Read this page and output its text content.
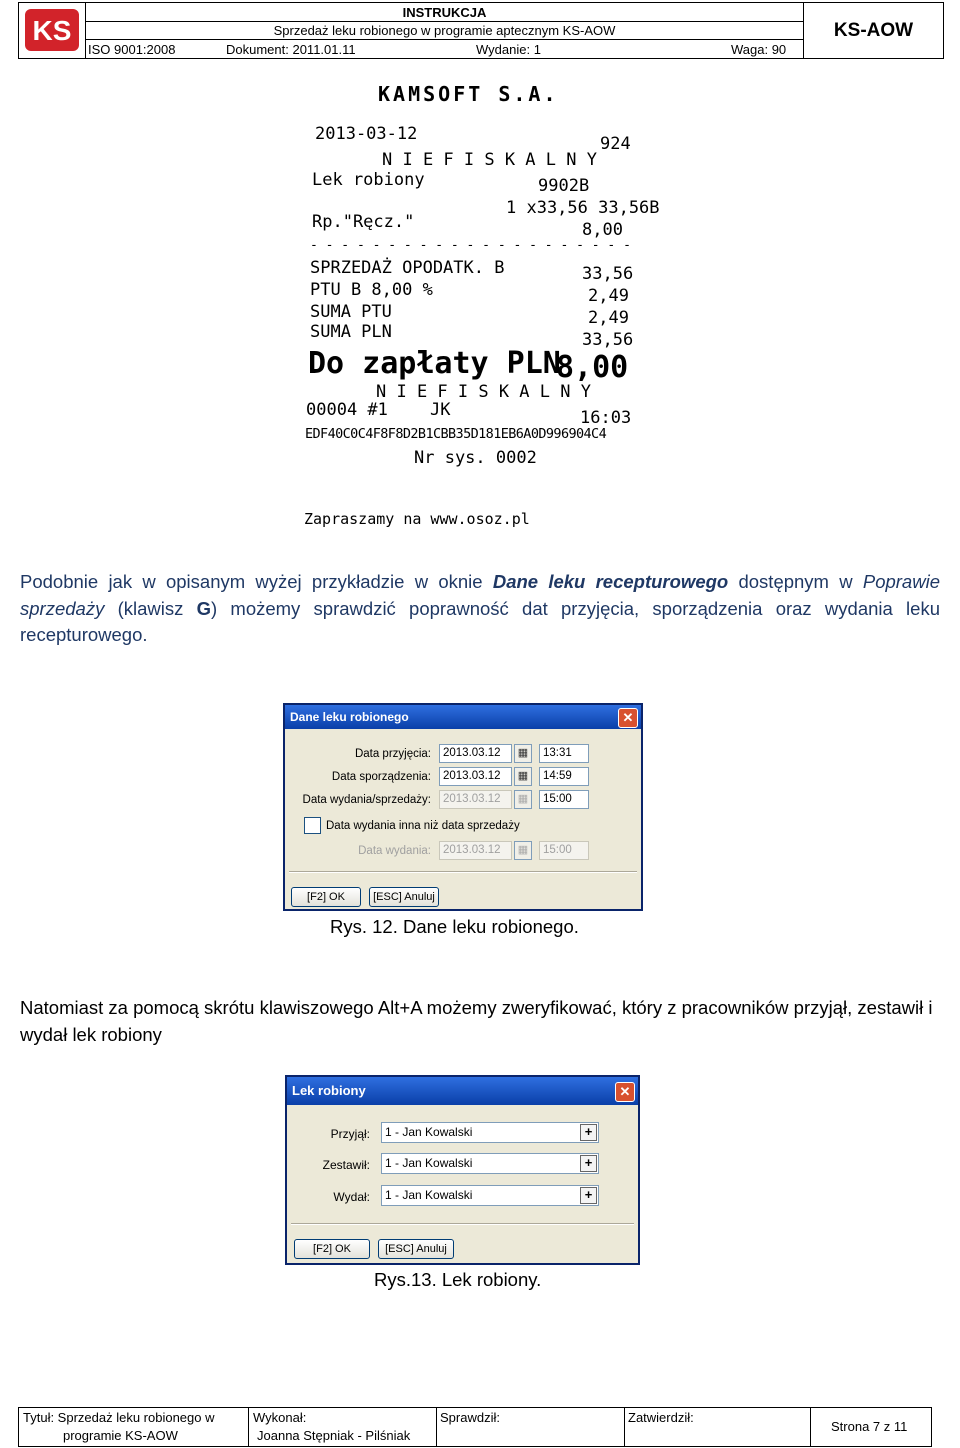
KS
INSTRUKCJA
Sprzedaż leku robionego w programie aptecznym KS-AOW
ISO 9001:2008	Dokument: 2011.01.11	Wydanie: 1	Waga: 90
KS-AOW
KAMSOFT S.A.
2013-03-12	924
N I E F I S K A L N Y
Lek robiony	9902B
1 x33,56 33,56B
Rp."Ręcz."	8,00
- - - - - - - - - - - - - - - - - - - - -
SPRZEDAŻ OPODATK. B	33,56
PTU B 8,00 %	2,49
SUMA PTU	2,49
SUMA PLN	33,56
Do zapłaty PLN
8,00
N I E F I S K A L N Y
00004 #1 JK	16:03
EDF40C0C4F8F8D2B1CBB35D181EB6A0D996904C4
Nr sys. 0002
Zapraszamy na www.osoz.pl
Podobnie jak w opisanym wyżej przykładzie w oknie Dane leku recepturowego dostępnym w Poprawie sprzedaży (klawisz G) możemy sprawdzić poprawność dat przyjęcia, sporządzenia oraz wydania leku recepturowego.
Dane leku robionego	✕
Data przyjęcia:	2013.03.12	▦	13:31
Data sporządzenia:	2013.03.12	▦	14:59
Data wydania/sprzedaży:	2013.03.12	▦	15:00
Data wydania inna niż data sprzedaży
Data wydania:	2013.03.12	▦	15:00
[F2] OK	[ESC] Anuluj
Rys. 12. Dane leku robionego.
Natomiast za pomocą skrótu klawiszowego Alt+A możemy zweryfikować, który z pracowników przyjął, zestawił i wydał lek robiony
Lek robiony	✕
Przyjął:	1 - Jan Kowalski	+
Zestawił:	1 - Jan Kowalski	+
Wydał:	1 - Jan Kowalski	+
[F2] OK	[ESC] Anuluj
Rys.13. Lek robiony.
Tytuł: Sprzedaż leku robionego w
programie KS-AOW
Wykonał:
Joanna Stępniak - Pilśniak
Sprawdził:	Zatwierdził:
Strona 7 z 11
